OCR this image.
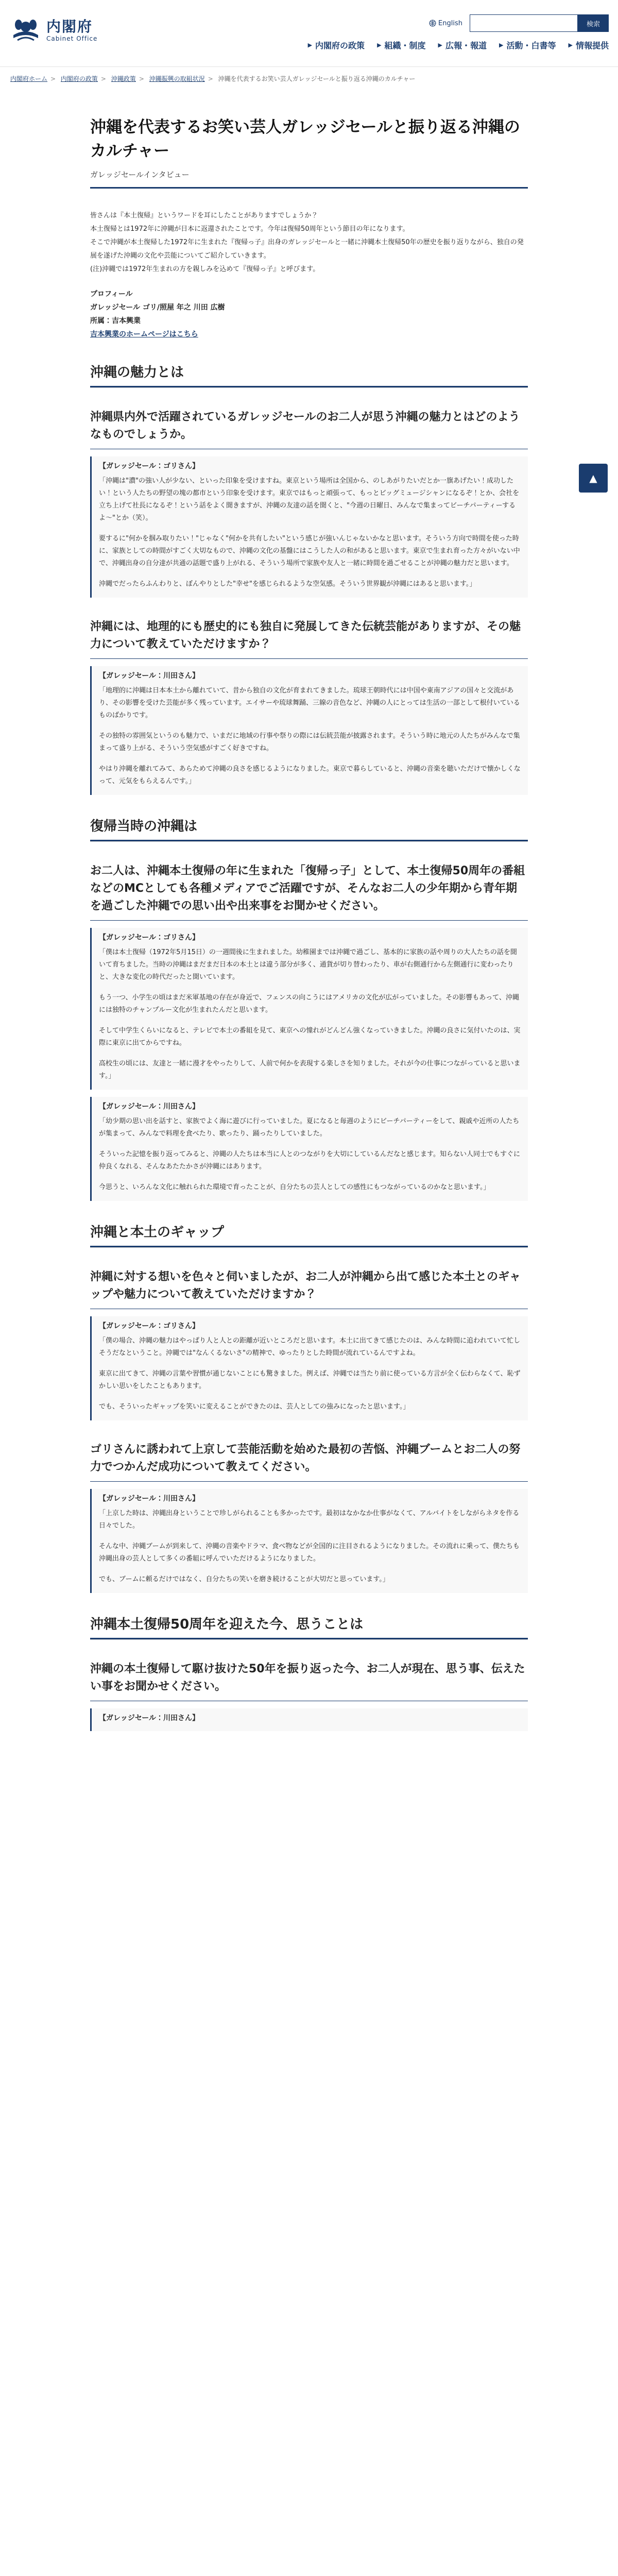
内閣府
Cabinet Office
English	検索
▶ 内閣府の政策 ▶ 組織・制度 ▶ 広報・報道 ▶ 活動・白書等 ▶ 情報提供
内閣府ホーム > 内閣府の政策 > 沖縄政策 > 沖縄振興の取組状況 > 沖縄を代表するお笑い芸人ガレッジセールと振り返る沖縄のカルチャー
沖縄を代表するお笑い芸人ガレッジセールと振り返る沖縄のカルチャー
ガレッジセールインタビュー
皆さんは『本土復帰』というワードを耳にしたことがありますでしょうか？
本土復帰とは1972年に沖縄が日本に返還されたことです。今年は復帰50周年という節目の年になります。
そこで沖縄が本土復帰した1972年に生まれた『復帰っ子』出身のガレッジセールと一緒に沖縄本土復帰50年の歴史を振り返りながら、独自の発展を遂げた沖縄の文化や芸能についてご紹介していきます。
(注)沖縄では1972年生まれの方を親しみを込めて『復帰っ子』と呼びます。
プロフィール
ガレッジセール ゴリ/照屋 年之 川田 広樹
所属：吉本興業
吉本興業のホームページはこちら
沖縄の魅力とは
沖縄県内外で活躍されているガレッジセールのお二人が思う沖縄の魅力とはどのようなものでしょうか。
【ガレッジセール：ゴリさん】

「沖縄は"濃"の強い人が少ない、といった印象を受けますね。東京という場所は全国から、のしあがりたいだとか一旗あげたい！成功したい！という人たちの野望の塊の都市という印象を受けます。東京ではもっと頑張って、もっとビッグミュージシャンになるぞ！とか、会社を立ち上げて社長になるぞ！という話をよく聞きますが、沖縄の友達の話を聞くと、"今週の日曜日、みんなで集まってビーチパーティーするよ～"とか（笑）。

要するに"何かを掴み取りたい！"じゃなく"何かを共有したい"という感じが強いんじゃないかなと思います。そういう方向で時間を使った時に、家族としての時間がすごく大切なもので、沖縄の文化の基盤にはこうした人の和があると思います。東京で生まれ育った方々がいない中で、沖縄出身の自分達が共通の話題で盛り上がれる、そういう場所で家族や友人と一緒に時間を過ごせることが沖縄の魅力だと思います。

沖縄でだったらふんわりと、ぼんやりとした"幸せ"を感じられるような空気感。そういう世界観が沖縄にはあると思います。」

沖縄には、地理的にも歴史的にも独自に発展してきた伝統芸能がありますが、その魅力について教えていただけますか？
【ガレッジセール：川田さん】

「地理的に沖縄は日本本土から離れていて、昔から独自の文化が育まれてきました。琉球王朝時代には中国や東南アジアの国々と交流があり、その影響を受けた芸能が多く残っています。エイサーや琉球舞踊、三線の音色など、沖縄の人にとっては生活の一部として根付いているものばかりです。

その独特の雰囲気というのも魅力で、いまだに地域の行事や祭りの際には伝統芸能が披露されます。そういう時に地元の人たちがみんなで集まって盛り上がる、そういう空気感がすごく好きですね。

やはり沖縄を離れてみて、あらためて沖縄の良さを感じるようになりました。東京で暮らしていると、沖縄の音楽を聴いただけで懐かしくなって、元気をもらえるんです。」

復帰当時の沖縄は
お二人は、沖縄本土復帰の年に生まれた「復帰っ子」として、本土復帰50周年の番組などのMCとしても各種メディアでご活躍ですが、そんなお二人の少年期から青年期を過ごした沖縄での思い出や出来事をお聞かせください。
【ガレッジセール：ゴリさん】

「僕は本土復帰（1972年5月15日）の一週間後に生まれました。幼稚園までは沖縄で過ごし、基本的に家族の話や周りの大人たちの話を聞いて育ちました。当時の沖縄はまだまだ日本の本土とは違う部分が多く、通貨が切り替わったり、車が右側通行から左側通行に変わったりと、大きな変化の時代だったと聞いています。

もう一つ、小学生の頃はまだ米軍基地の存在が身近で、フェンスの向こうにはアメリカの文化が広がっていました。その影響もあって、沖縄には独特のチャンプルー文化が生まれたんだと思います。

そして中学生くらいになると、テレビで本土の番組を見て、東京への憧れがどんどん強くなっていきました。沖縄の良さに気付いたのは、実際に東京に出てからですね。

高校生の頃には、友達と一緒に漫才をやったりして、人前で何かを表現する楽しさを知りました。それが今の仕事につながっていると思います。」

【ガレッジセール：川田さん】

「幼少期の思い出を話すと、家族でよく海に遊びに行っていました。夏になると毎週のようにビーチパーティーをして、親戚や近所の人たちが集まって、みんなで料理を食べたり、歌ったり、踊ったりしていました。

そういった記憶を振り返ってみると、沖縄の人たちは本当に人とのつながりを大切にしているんだなと感じます。知らない人同士でもすぐに仲良くなれる、そんなあたたかさが沖縄にはあります。

今思うと、いろんな文化に触れられた環境で育ったことが、自分たちの芸人としての感性にもつながっているのかなと思います。」

沖縄と本土のギャップ
沖縄に対する想いを色々と伺いましたが、お二人が沖縄から出て感じた本土とのギャップや魅力について教えていただけますか？
【ガレッジセール：ゴリさん】

「僕の場合、沖縄の魅力はやっぱり人と人との距離が近いところだと思います。本土に出てきて感じたのは、みんな時間に追われていて忙しそうだなということ。沖縄では"なんくるないさ"の精神で、ゆったりとした時間が流れているんですよね。

東京に出てきて、沖縄の言葉や習慣が通じないことにも驚きました。例えば、沖縄では当たり前に使っている方言が全く伝わらなくて、恥ずかしい思いをしたこともあります。

でも、そういったギャップを笑いに変えることができたのは、芸人としての強みになったと思います。」

ゴリさんに誘われて上京して芸能活動を始めた最初の苦悩、沖縄ブームとお二人の努力でつかんだ成功について教えてください。
【ガレッジセール：川田さん】

「上京した時は、沖縄出身ということで珍しがられることも多かったです。最初はなかなか仕事がなくて、アルバイトをしながらネタを作る日々でした。

そんな中、沖縄ブームが到来して、沖縄の音楽やドラマ、食べ物などが全国的に注目されるようになりました。その流れに乗って、僕たちも沖縄出身の芸人として多くの番組に呼んでいただけるようになりました。

でも、ブームに頼るだけではなく、自分たちの笑いを磨き続けることが大切だと思っています。」

沖縄本土復帰50周年を迎えた今、思うことは
沖縄の本土復帰して駆け抜けた50年を振り返った今、お二人が現在、思う事、伝えたい事をお聞かせください。
【ガレッジセール：川田さん】
▲
